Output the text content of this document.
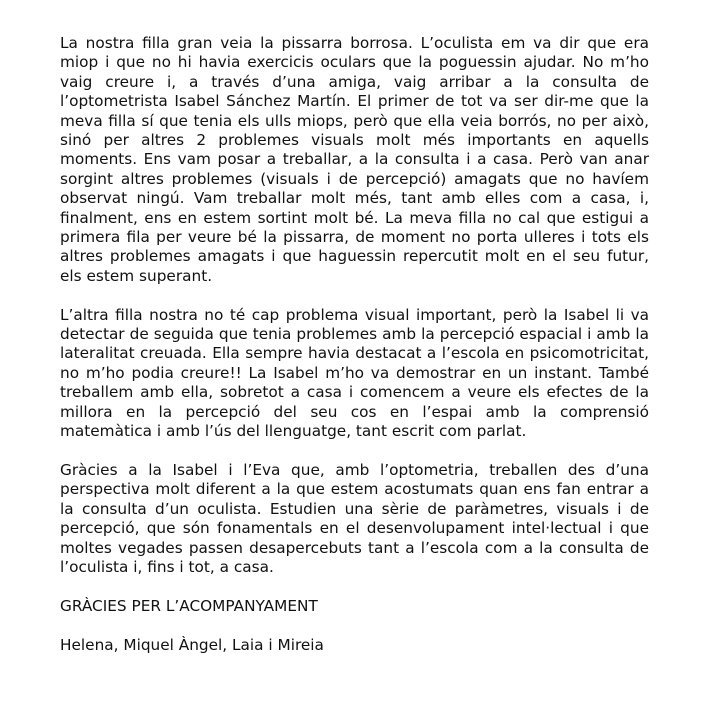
La nostra filla gran veia la pissarra borrosa. L’oculista em va dir que era miop i que no hi havia exercicis oculars que la poguessin ajudar. No m’ho vaig creure i, a través d’una amiga, vaig arribar a la consulta de l’optometrista Isabel Sánchez Martín. El primer de tot va ser dir-me que la meva filla sí que tenia els ulls miops, però que ella veia borrós, no per això, sinó per altres 2 problemes visuals molt més importants en aquells moments. Ens vam posar a treballar, a la consulta i a casa. Però van anar sorgint altres problemes (visuals i de percepció) amagats que no havíem observat ningú. Vam treballar molt més, tant amb elles com a casa, i, finalment, ens en estem sortint molt bé. La meva filla no cal que estigui a primera fila per veure bé la pissarra, de moment no porta ulleres i tots els altres problemes amagats i que haguessin repercutit molt en el seu futur, els estem superant.

L’altra filla nostra no té cap problema visual important, però la Isabel li va detectar de seguida que tenia problemes amb la percepció espacial i amb la lateralitat creuada. Ella sempre havia destacat a l’escola en psicomotricitat, no m’ho podia creure!! La Isabel m’ho va demostrar en un instant. També treballem amb ella, sobretot a casa i comencem a veure els efectes de la millora en la percepció del seu cos en l’espai amb la comprensió matemàtica i amb l’ús del llenguatge, tant escrit com parlat.

Gràcies a la Isabel i l’Eva que, amb l’optometria, treballen des d’una perspectiva molt diferent a la que estem acostumats quan ens fan entrar a la consulta d’un oculista. Estudien una sèrie de paràmetres, visuals i de percepció, que són fonamentals en el desenvolupament intel·lectual i que moltes vegades passen desapercebuts tant a l’escola com a la consulta de l’oculista i, fins i tot, a casa.

GRÀCIES PER L’ACOMPANYAMENT

Helena, Miquel Àngel, Laia i Mireia
